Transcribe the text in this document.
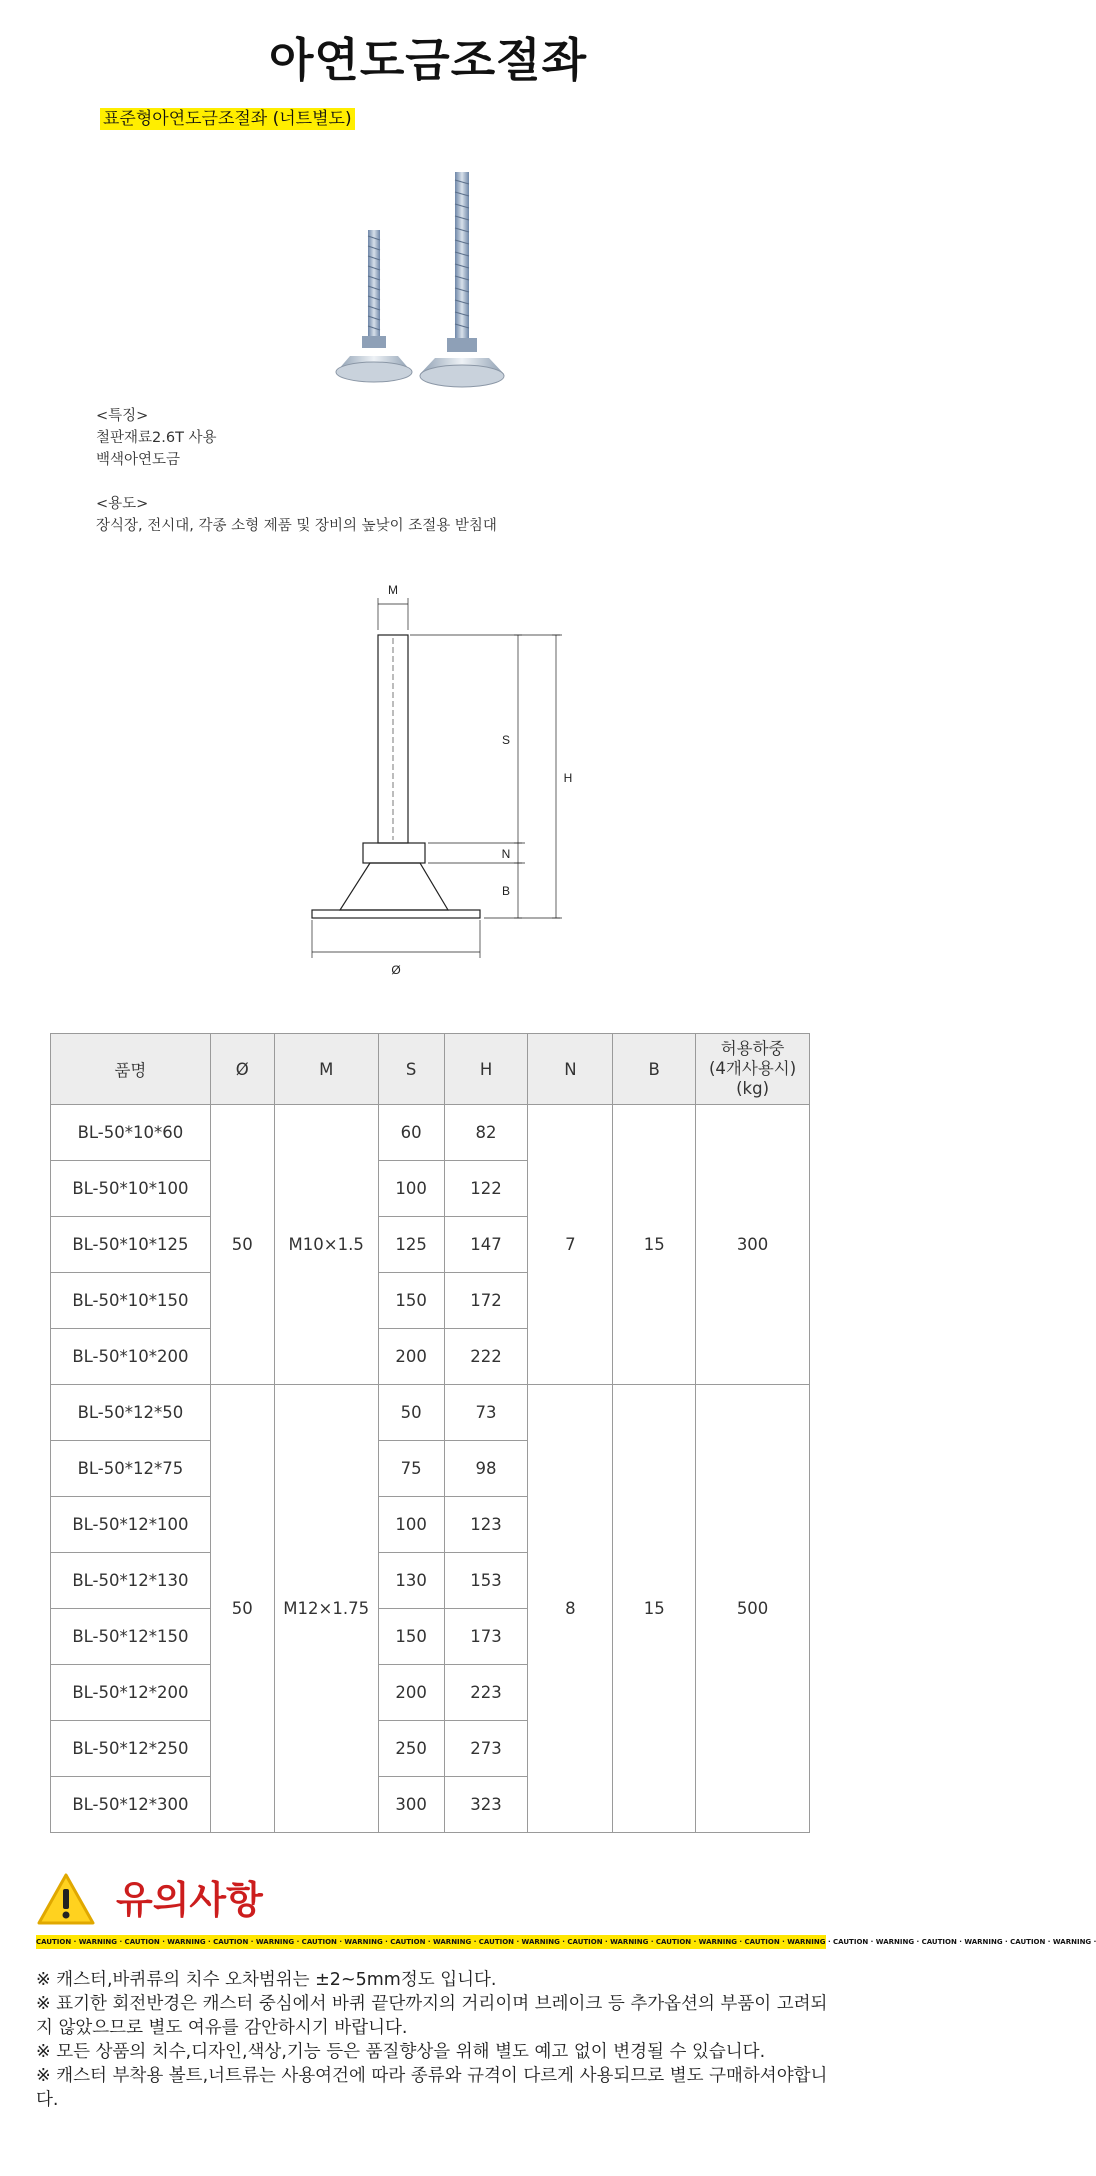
아연도금조절좌
표준형아연도금조절좌 (너트별도)
<특징>
철판재료2.6T 사용
백색아연도금
<용도>
장식장, 전시대, 각종 소형 제품 및 장비의 높낮이 조절용 받침대
M
S
N
B
H
Ø
품명	Ø	M	S	H	N	B	허용하중
(4개사용시)
(kg)
BL-50*10*60	50	M10×1.5	60	82	7	15	300
BL-50*10*100			100	122			
BL-50*10*125			125	147			
BL-50*10*150			150	172			
BL-50*10*200			200	222			
BL-50*12*50	50	M12×1.75	50	73	8	15	500
BL-50*12*75			75	98			
BL-50*12*100			100	123			
BL-50*12*130			130	153			
BL-50*12*150			150	173			
BL-50*12*200			200	223			
BL-50*12*250			250	273			
BL-50*12*300			300	323			
유의사항
CAUTION · WARNING · CAUTION · WARNING · CAUTION · WARNING · CAUTION · WARNING · CAUTION · WARNING · CAUTION · WARNING · CAUTION · WARNING · CAUTION · WARNING · CAUTION · WARNING · CAUTION · WARNING · CAUTION · WARNING · CAUTION · WARNING ·

※ 캐스터,바퀴류의 치수 오차범위는 ±2~5mm정도 입니다.

※ 표기한 회전반경은 캐스터 중심에서 바퀴 끝단까지의 거리이며 브레이크 등 추가옵션의 부품이 고려되지 않았으므로 별도 여유를 감안하시기 바랍니다.

※ 모든 상품의 치수,디자인,색상,기능 등은 품질향상을 위해 별도 예고 없이 변경될 수 있습니다.

※ 캐스터 부착용 볼트,너트류는 사용여건에 따라 종류와 규격이 다르게 사용되므로 별도 구매하셔야합니다.
